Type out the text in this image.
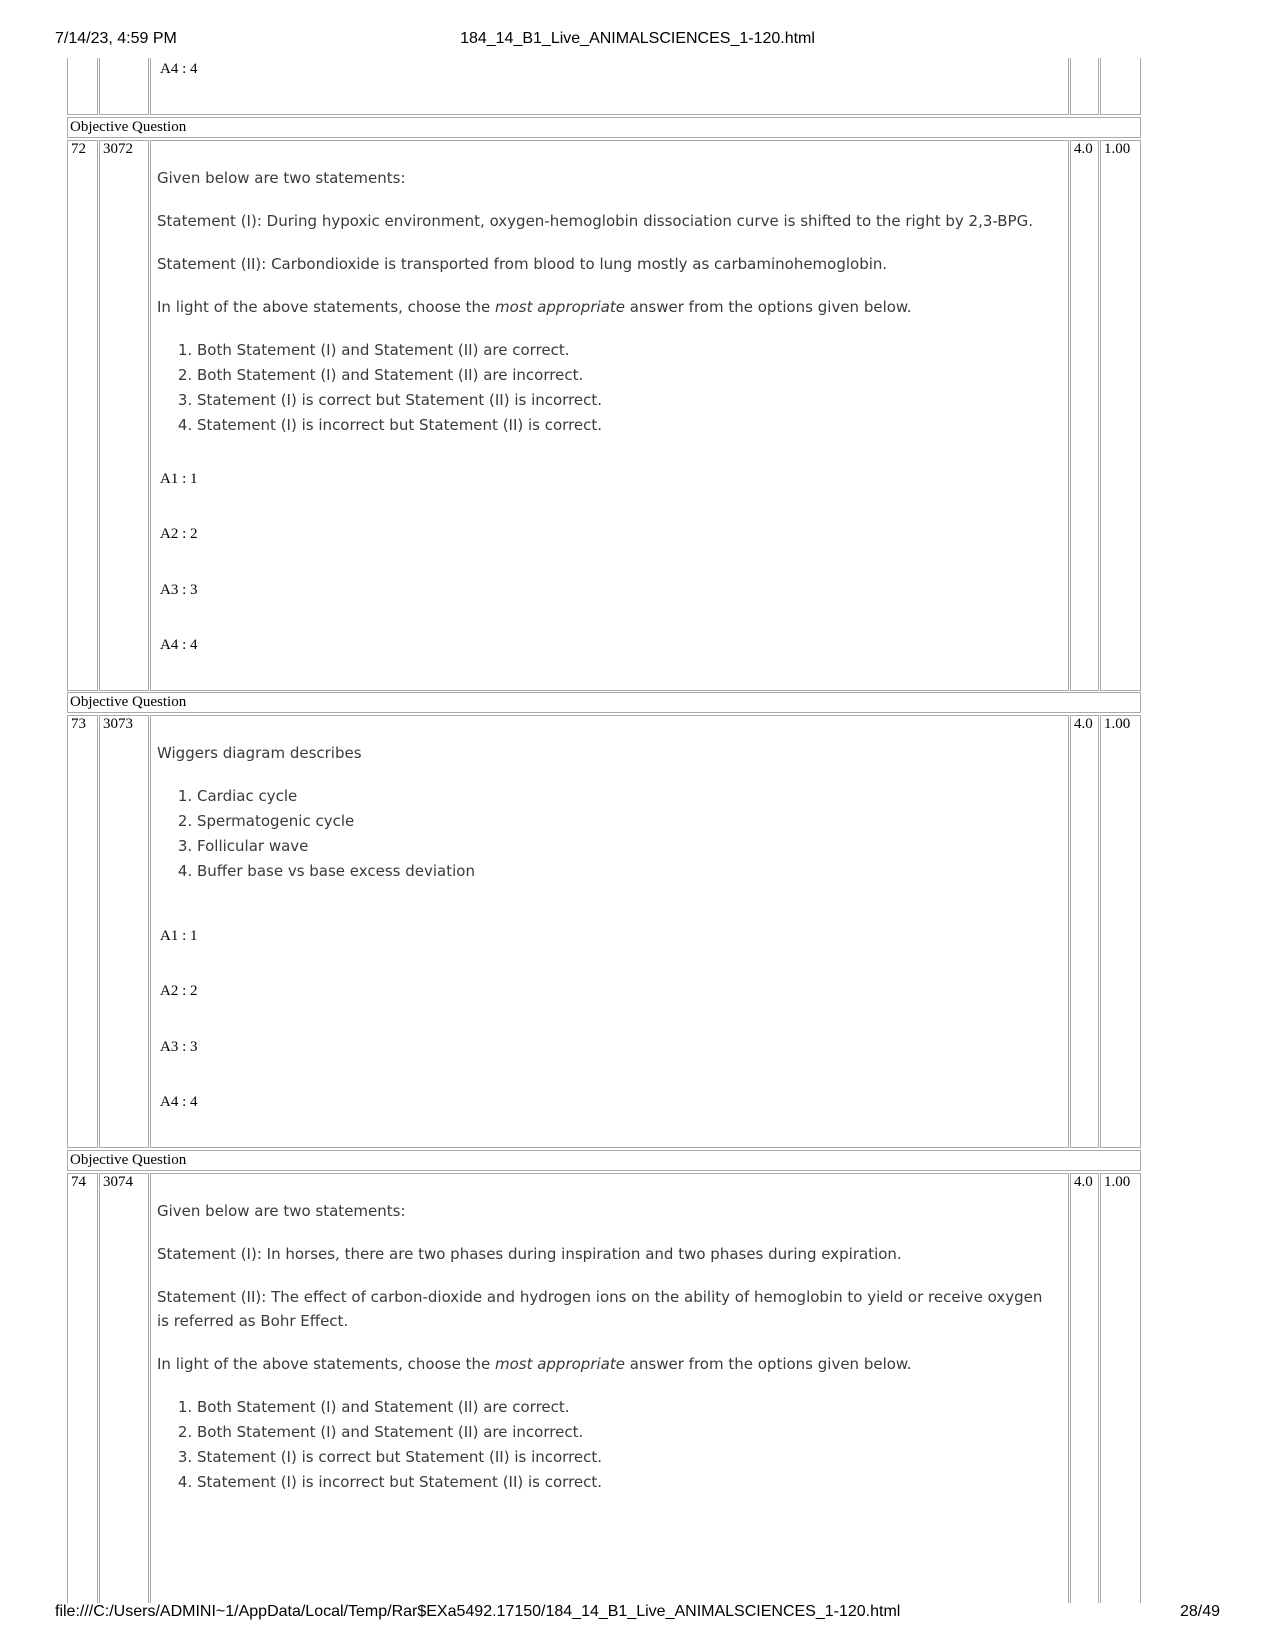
7/14/23, 4:59 PM	184_14_B1_Live_ANIMALSCIENCES_1-120.html
A4 : 4
Objective Question
72 3072

Given below are two statements:

Statement (I): During hypoxic environment, oxygen-hemoglobin dissociation curve is shifted to the right by 2,3-BPG.

Statement (II): Carbondioxide is transported from blood to lung mostly as carbaminohemoglobin.

In light of the above statements, choose the most appropriate answer from the options given below.

1. Both Statement (I) and Statement (II) are correct.
2. Both Statement (I) and Statement (II) are incorrect.
3. Statement (I) is correct but Statement (II) is incorrect.
4. Statement (I) is incorrect but Statement (II) is correct.
A1 : 1
A2 : 2
A3 : 3
A4 : 4
4.0 1.00
Objective Question
73 3073

Wiggers diagram describes

1. Cardiac cycle
2. Spermatogenic cycle
3. Follicular wave
4. Buffer base vs base excess deviation
A1 : 1
A2 : 2
A3 : 3
A4 : 4
4.0 1.00
Objective Question
74 3074

Given below are two statements:

Statement (I): In horses, there are two phases during inspiration and two phases during expiration.

Statement (II): The effect of carbon-dioxide and hydrogen ions on the ability of hemoglobin to yield or receive oxygen is referred as Bohr Effect.

In light of the above statements, choose the most appropriate answer from the options given below.

1. Both Statement (I) and Statement (II) are correct.
2. Both Statement (I) and Statement (II) are incorrect.
3. Statement (I) is correct but Statement (II) is incorrect.
4. Statement (I) is incorrect but Statement (II) is correct.
4.0 1.00
file:///C:/Users/ADMINI~1/AppData/Local/Temp/Rar$EXa5492.17150/184_14_B1_Live_ANIMALSCIENCES_1-120.html	28/49
